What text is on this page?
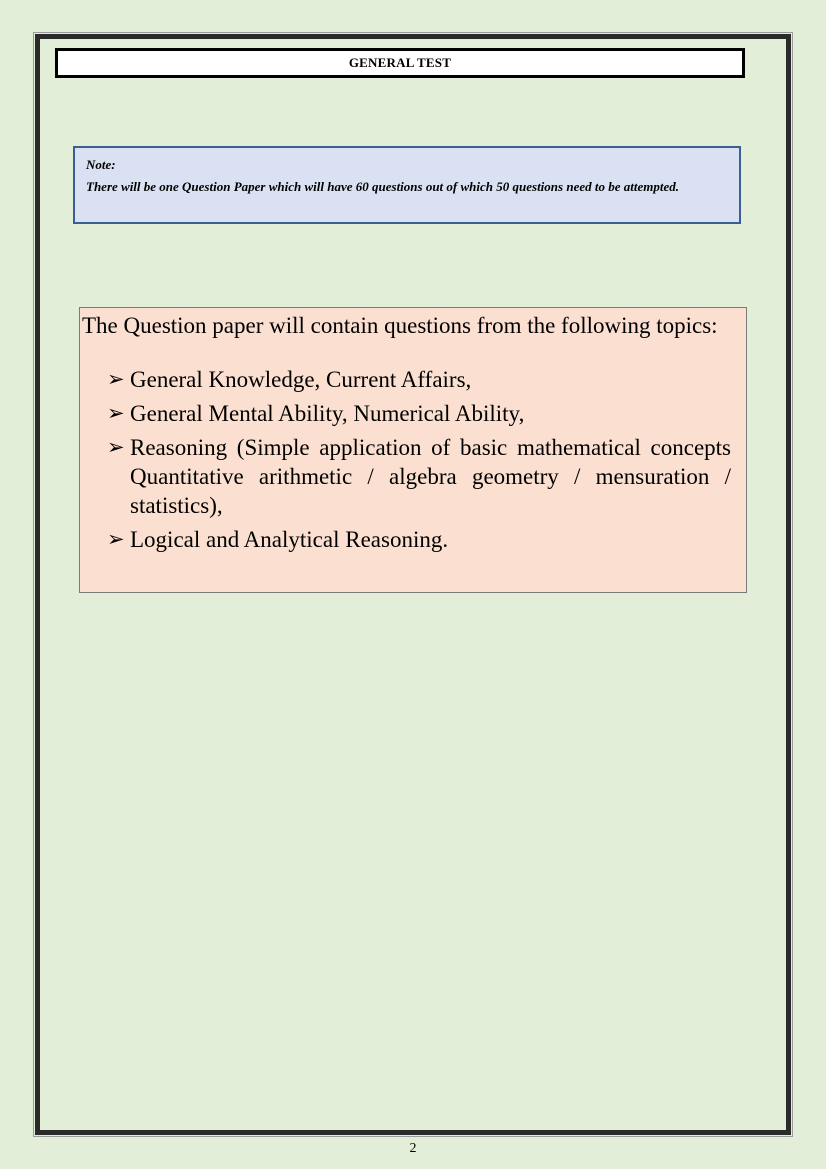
GENERAL TEST
Note:
There will be one Question Paper which will have 60 questions out of which 50 questions need to be attempted.

The Question paper will contain questions from the following topics:

➢ General Knowledge, Current Affairs,
➢ General Mental Ability, Numerical Ability,
➢ Reasoning (Simple application of basic mathematical concepts Quantitative arithmetic / algebra geometry / mensuration / statistics),
➢ Logical and Analytical Reasoning.
2
